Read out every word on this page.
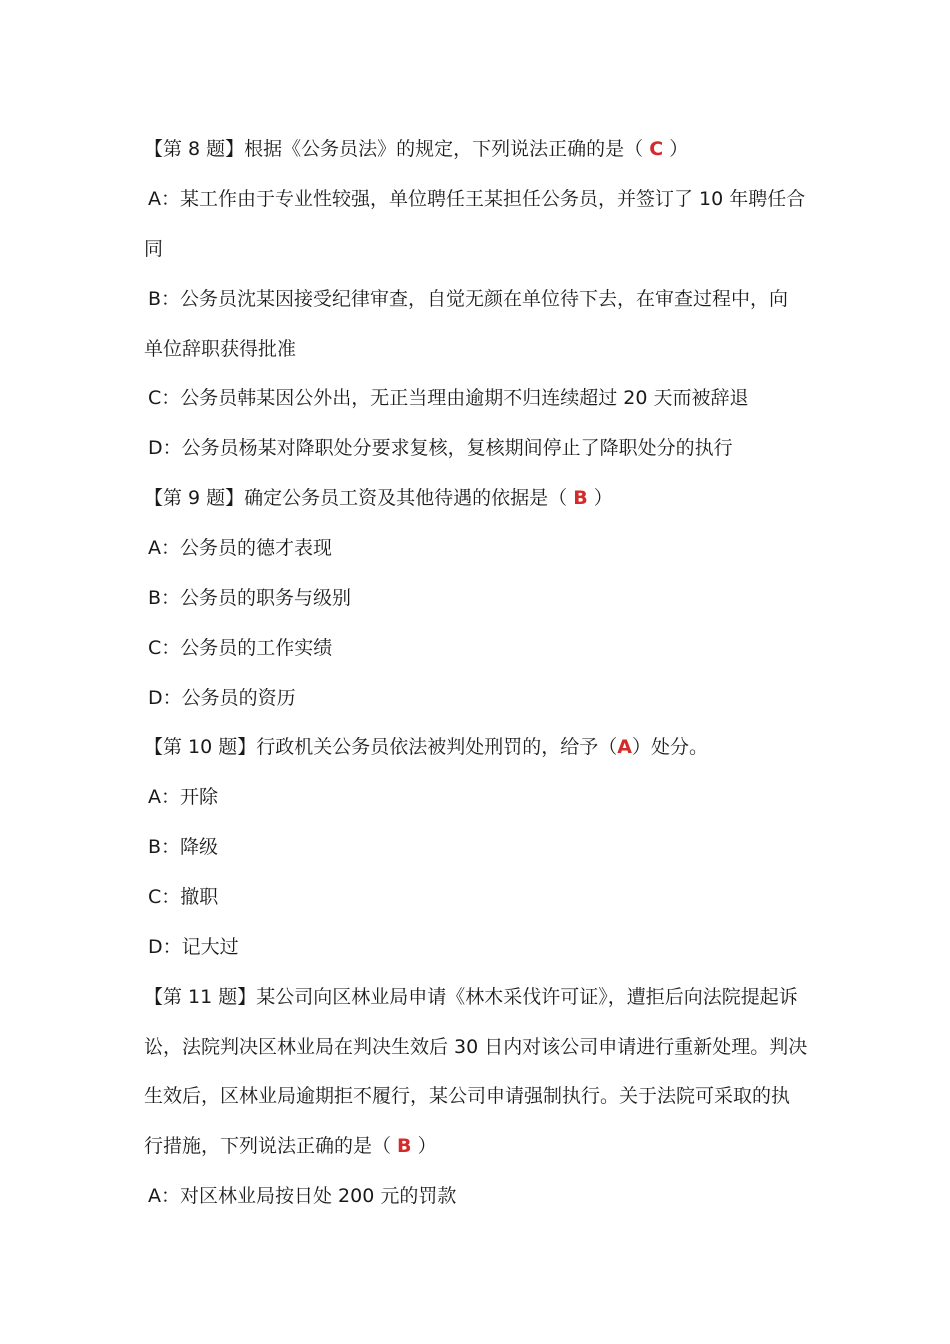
【第 8 题】根据《公务员法》的规定，下列说法正确的是（ C ）
A：某工作由于专业性较强，单位聘任王某担任公务员，并签订了 10 年聘任合
同
B：公务员沈某因接受纪律审查，自觉无颜在单位待下去，在审查过程中，向
单位辞职获得批准
C：公务员韩某因公外出，无正当理由逾期不归连续超过 20 天而被辞退
D：公务员杨某对降职处分要求复核，复核期间停止了降职处分的执行
【第 9 题】确定公务员工资及其他待遇的依据是（ B ）
A：公务员的德才表现
B：公务员的职务与级别
C：公务员的工作实绩
D：公务员的资历
【第 10 题】行政机关公务员依法被判处刑罚的，给予（A）处分。
A：开除
B：降级
C：撤职
D：记大过
【第 11 题】某公司向区林业局申请《林木采伐许可证》，遭拒后向法院提起诉
讼，法院判决区林业局在判决生效后 30 日内对该公司申请进行重新处理。判决
生效后，区林业局逾期拒不履行，某公司申请强制执行。关于法院可采取的执
行措施，下列说法正确的是（ B ）
A：对区林业局按日处 200 元的罚款
